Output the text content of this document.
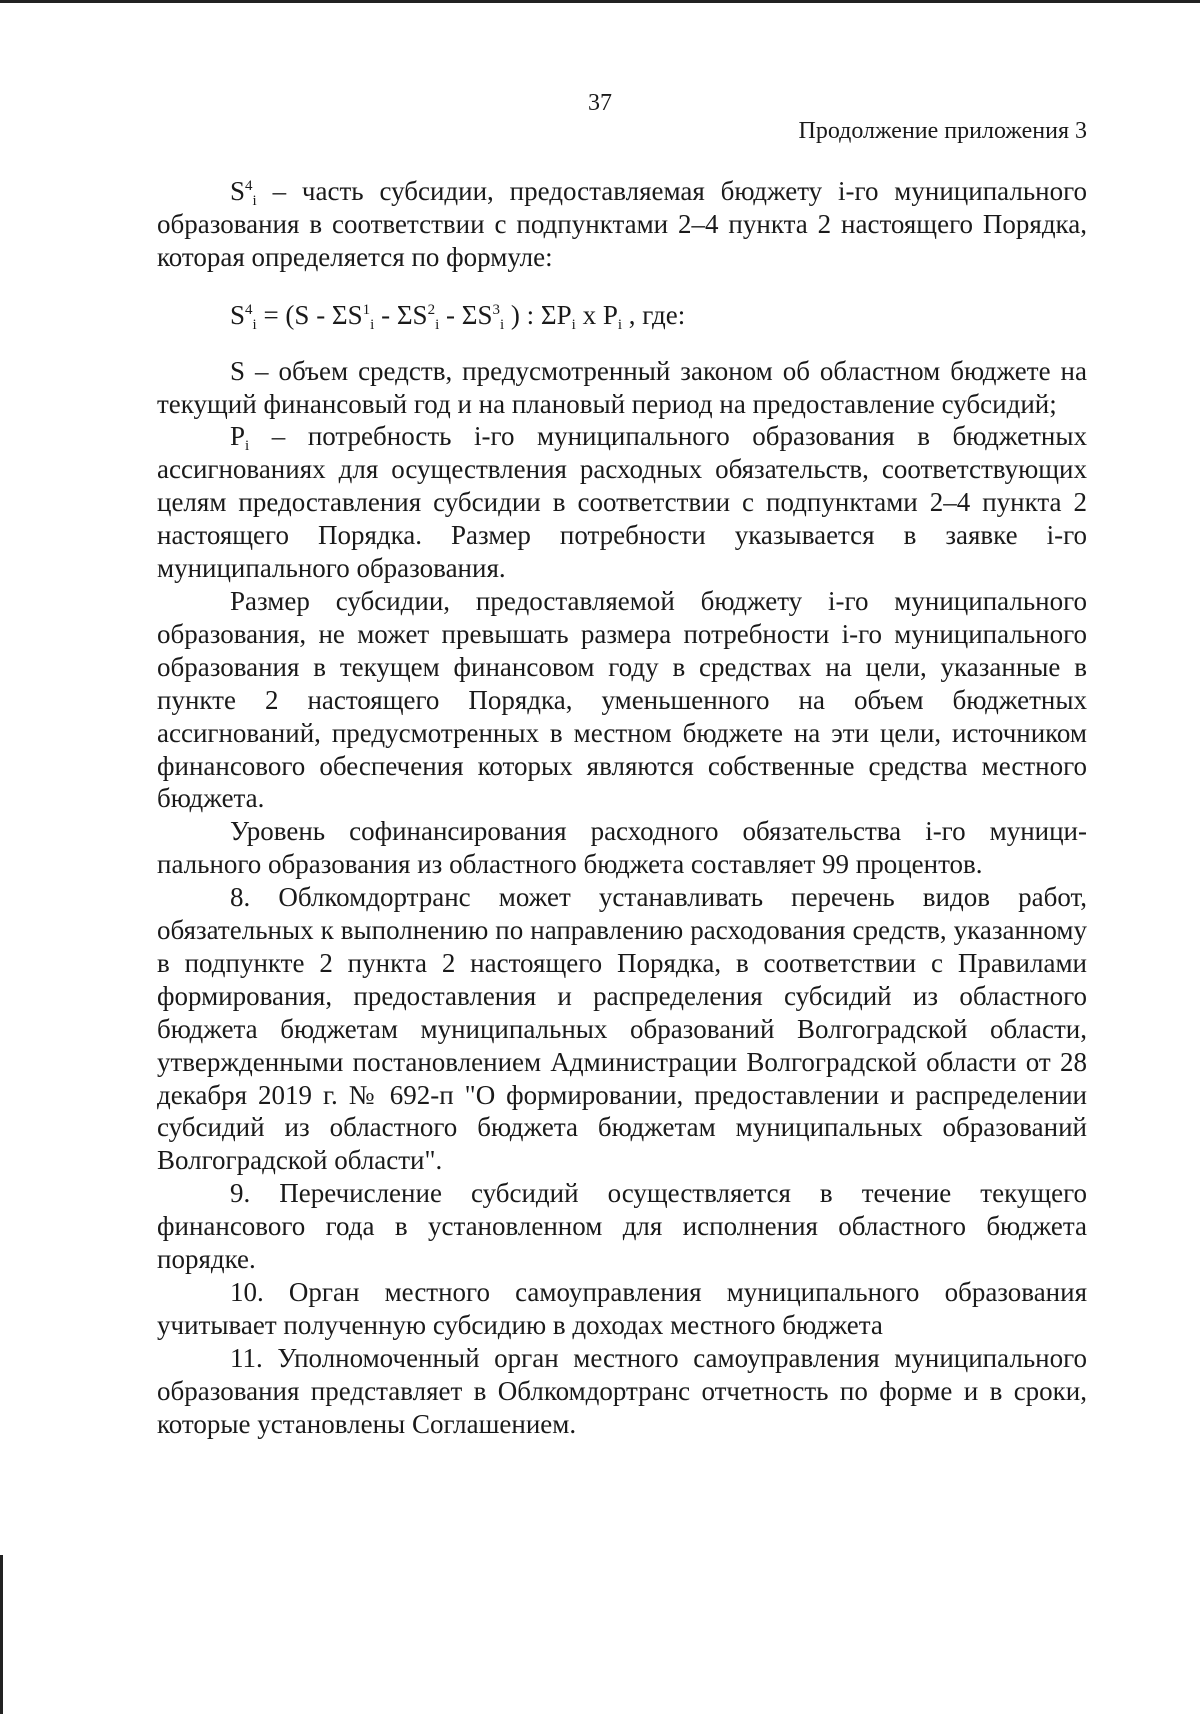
37
Продолжение приложения 3

$S^4_i$ – часть субсидии, предоставляемая бюджету i-го муниципального образования в соответствии с подпунктами 2–4 пункта 2 настоящего Порядка, которая определяется по формуле:

$S^4_i = (S - \Sigma S^1_i - \Sigma S^2_i - \Sigma S^3_i$ ) : $\Sigma P_i$ x $P_i$ , где:

S – объем средств, предусмотренный законом об областном бюджете на текущий финансовый год и на плановый период на предоставление субсидий;

$P_i$ – потребность i-го муниципального образования в бюджетных ассигнованиях для осуществления расходных обязательств, соответствующих целям предоставления субсидии в соответствии с подпунктами 2–4 пункта 2 настоящего Порядка. Размер потребности указывается в заявке i-го муниципального образования.

Размер субсидии, предоставляемой бюджету i-го муниципального образования, не может превышать размера потребности i-го муниципального образования в текущем финансовом году в средствах на цели, указанные в пункте 2 настоящего Порядка, уменьшенного на объем бюджетных ассигнований, предусмотренных в местном бюджете на эти цели, источником финансового обеспечения которых являются собственные средства местного бюджета.

Уровень софинансирования расходного обязательства i-го муниципального образования из областного бюджета составляет 99 процентов.

8. Облкомдортранс может устанавливать перечень видов работ, обязательных к выполнению по направлению расходования средств, указанному в подпункте 2 пункта 2 настоящего Порядка, в соответствии с Правилами формирования, предоставления и распределения субсидий из областного бюджета бюджетам муниципальных образований Волгоградской области, утвержденными постановлением Администрации Волгоградской области от 28 декабря 2019 г. № 692-п "О формировании, предоставлении и распределении субсидий из областного бюджета бюджетам муниципальных образований Волгоградской области".

9. Перечисление субсидий осуществляется в течение текущего финансового года в установленном для исполнения областного бюджета порядке.

10. Орган местного самоуправления муниципального образования учитывает полученную субсидию в доходах местного бюджета

11. Уполномоченный орган местного самоуправления муниципального образования представляет в Облкомдортранс отчетность по форме и в сроки, которые установлены Соглашением.
